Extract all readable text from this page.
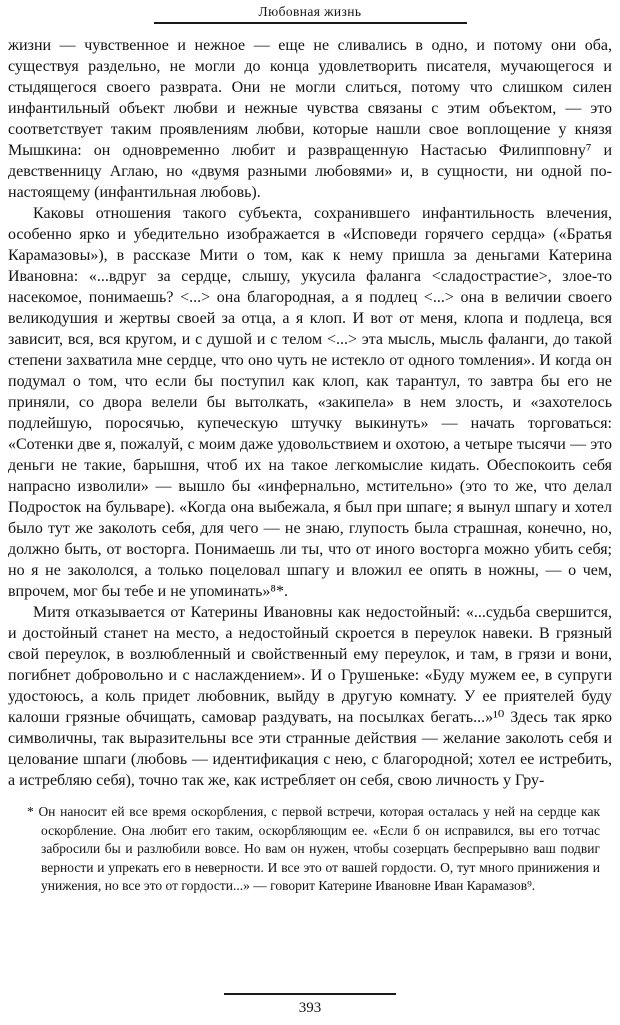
Любовная жизнь

жизни — чувственное и нежное — еще не сливались в одно, и потому они оба, существуя раздельно, не могли до конца удовлетворить писателя, мучающегося и стыдящегося своего разврата. Они не могли слиться, потому что слишком силен инфантильный объект любви и нежные чувства связаны с этим объектом, — это соответствует таким проявлениям любви, которые нашли свое воплощение у князя Мышкина: он одновременно любит и развращенную Настасью Филипповну⁷ и девственницу Аглаю, но «двумя разными любовями» и, в сущности, ни одной по-настоящему (инфантильная любовь).

Каковы отношения такого субъекта, сохранившего инфантильность влечения, особенно ярко и убедительно изображается в «Исповеди горячего сердца» («Братья Карамазовы»), в рассказе Мити о том, как к нему пришла за деньгами Катерина Ивановна: «...вдруг за сердце, слышу, укусила фаланга <сладострастие>, злое-то насекомое, понимаешь? <...> она благородная, а я подлец <...> она в величии своего великодушия и жертвы своей за отца, а я клоп. И вот от меня, клопа и подлеца, вся зависит, вся, вся кругом, и с душой и с телом <...> эта мысль, мысль фаланги, до такой степени захватила мне сердце, что оно чуть не истекло от одного томления». И когда он подумал о том, что если бы поступил как клоп, как тарантул, то завтра бы его не приняли, со двора велели бы вытолкать, «закипела» в нем злость, и «захотелось подлейшую, поросячью, купеческую штучку выкинуть» — начать торговаться: «Сотенки две я, пожалуй, с моим даже удовольствием и охотою, а четыре тысячи — это деньги не такие, барышня, чтоб их на такое легкомыслие кидать. Обеспокоить себя напрасно изволили» — вышло бы «инфернально, мстительно» (это то же, что делал Подросток на бульваре). «Когда она выбежала, я был при шпаге; я вынул шпагу и хотел было тут же заколоть себя, для чего — не знаю, глупость была страшная, конечно, но, должно быть, от восторга. Понимаешь ли ты, что от иного восторга можно убить себя; но я не закололся, а только поцеловал шпагу и вложил ее опять в ножны, — о чем, впрочем, мог бы тебе и не упоминать»⁸*.

Митя отказывается от Катерины Ивановны как недостойный: «...судьба свершится, и достойный станет на место, а недостойный скроется в переулок навеки. В грязный свой переулок, в возлюбленный и свойственный ему переулок, и там, в грязи и вони, погибнет добровольно и с наслаждением». И о Грушеньке: «Буду мужем ее, в супруги удостоюсь, а коль придет любовник, выйду в другую комнату. У ее приятелей буду калоши грязные обчищать, самовар раздувать, на посылках бегать...»¹⁰ Здесь так ярко символичны, так выразительны все эти странные действия — желание заколоть себя и целование шпаги (любовь — идентификация с нею, с благородной; хотел ее истребить, а истребляю себя), точно так же, как истребляет он себя, свою личность у Гру-

* Он наносит ей все время оскорбления, с первой встречи, которая осталась у ней на сердце как оскорбление. Она любит его таким, оскорбляющим ее. «Если б он исправился, вы его тотчас забросили бы и разлюбили вовсе. Но вам он нужен, чтобы созерцать беспрерывно ваш подвиг верности и упрекать его в неверности. И все это от вашей гордости. О, тут много принижения и унижения, но все это от гордости...» — говорит Катерине Ивановне Иван Карамазов⁹.
393
